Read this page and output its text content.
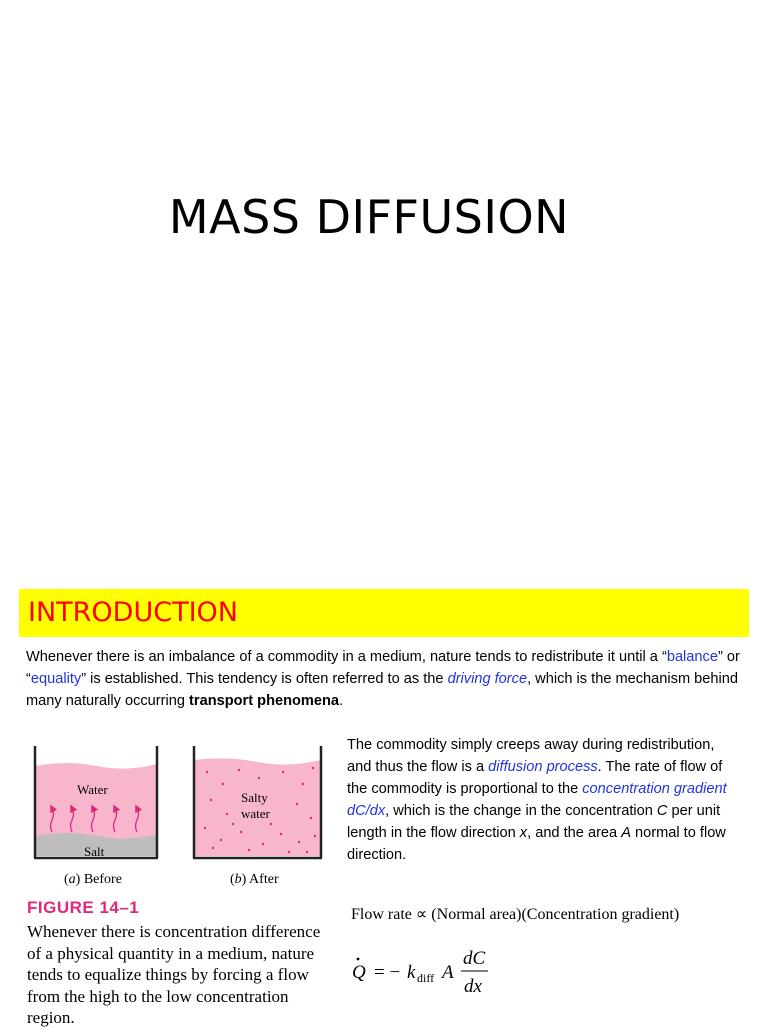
MASS DIFFUSION
INTRODUCTION
Whenever there is an imbalance of a commodity in a medium, nature tends to redistribute it until a “balance” or “equality” is established. This tendency is often referred to as the driving force, which is the mechanism behind many naturally occurring transport phenomena.
The commodity simply creeps away during redistribution, and thus the flow is a diffusion process. The rate of flow of the commodity is proportional to the concentration gradient dC/dx, which is the change in the concentration C per unit length in the flow direction x, and the area A normal to flow direction.
Water
Salt
Salty
water
(a) Before	(b) After
FIGURE 14–1
Whenever there is concentration difference of a physical quantity in a medium, nature tends to equalize things by forcing a flow from the high to the low concentration region.
Flow rate ∝ (Normal area)(Concentration gradient)
Q = − k diff A
dC
dx
